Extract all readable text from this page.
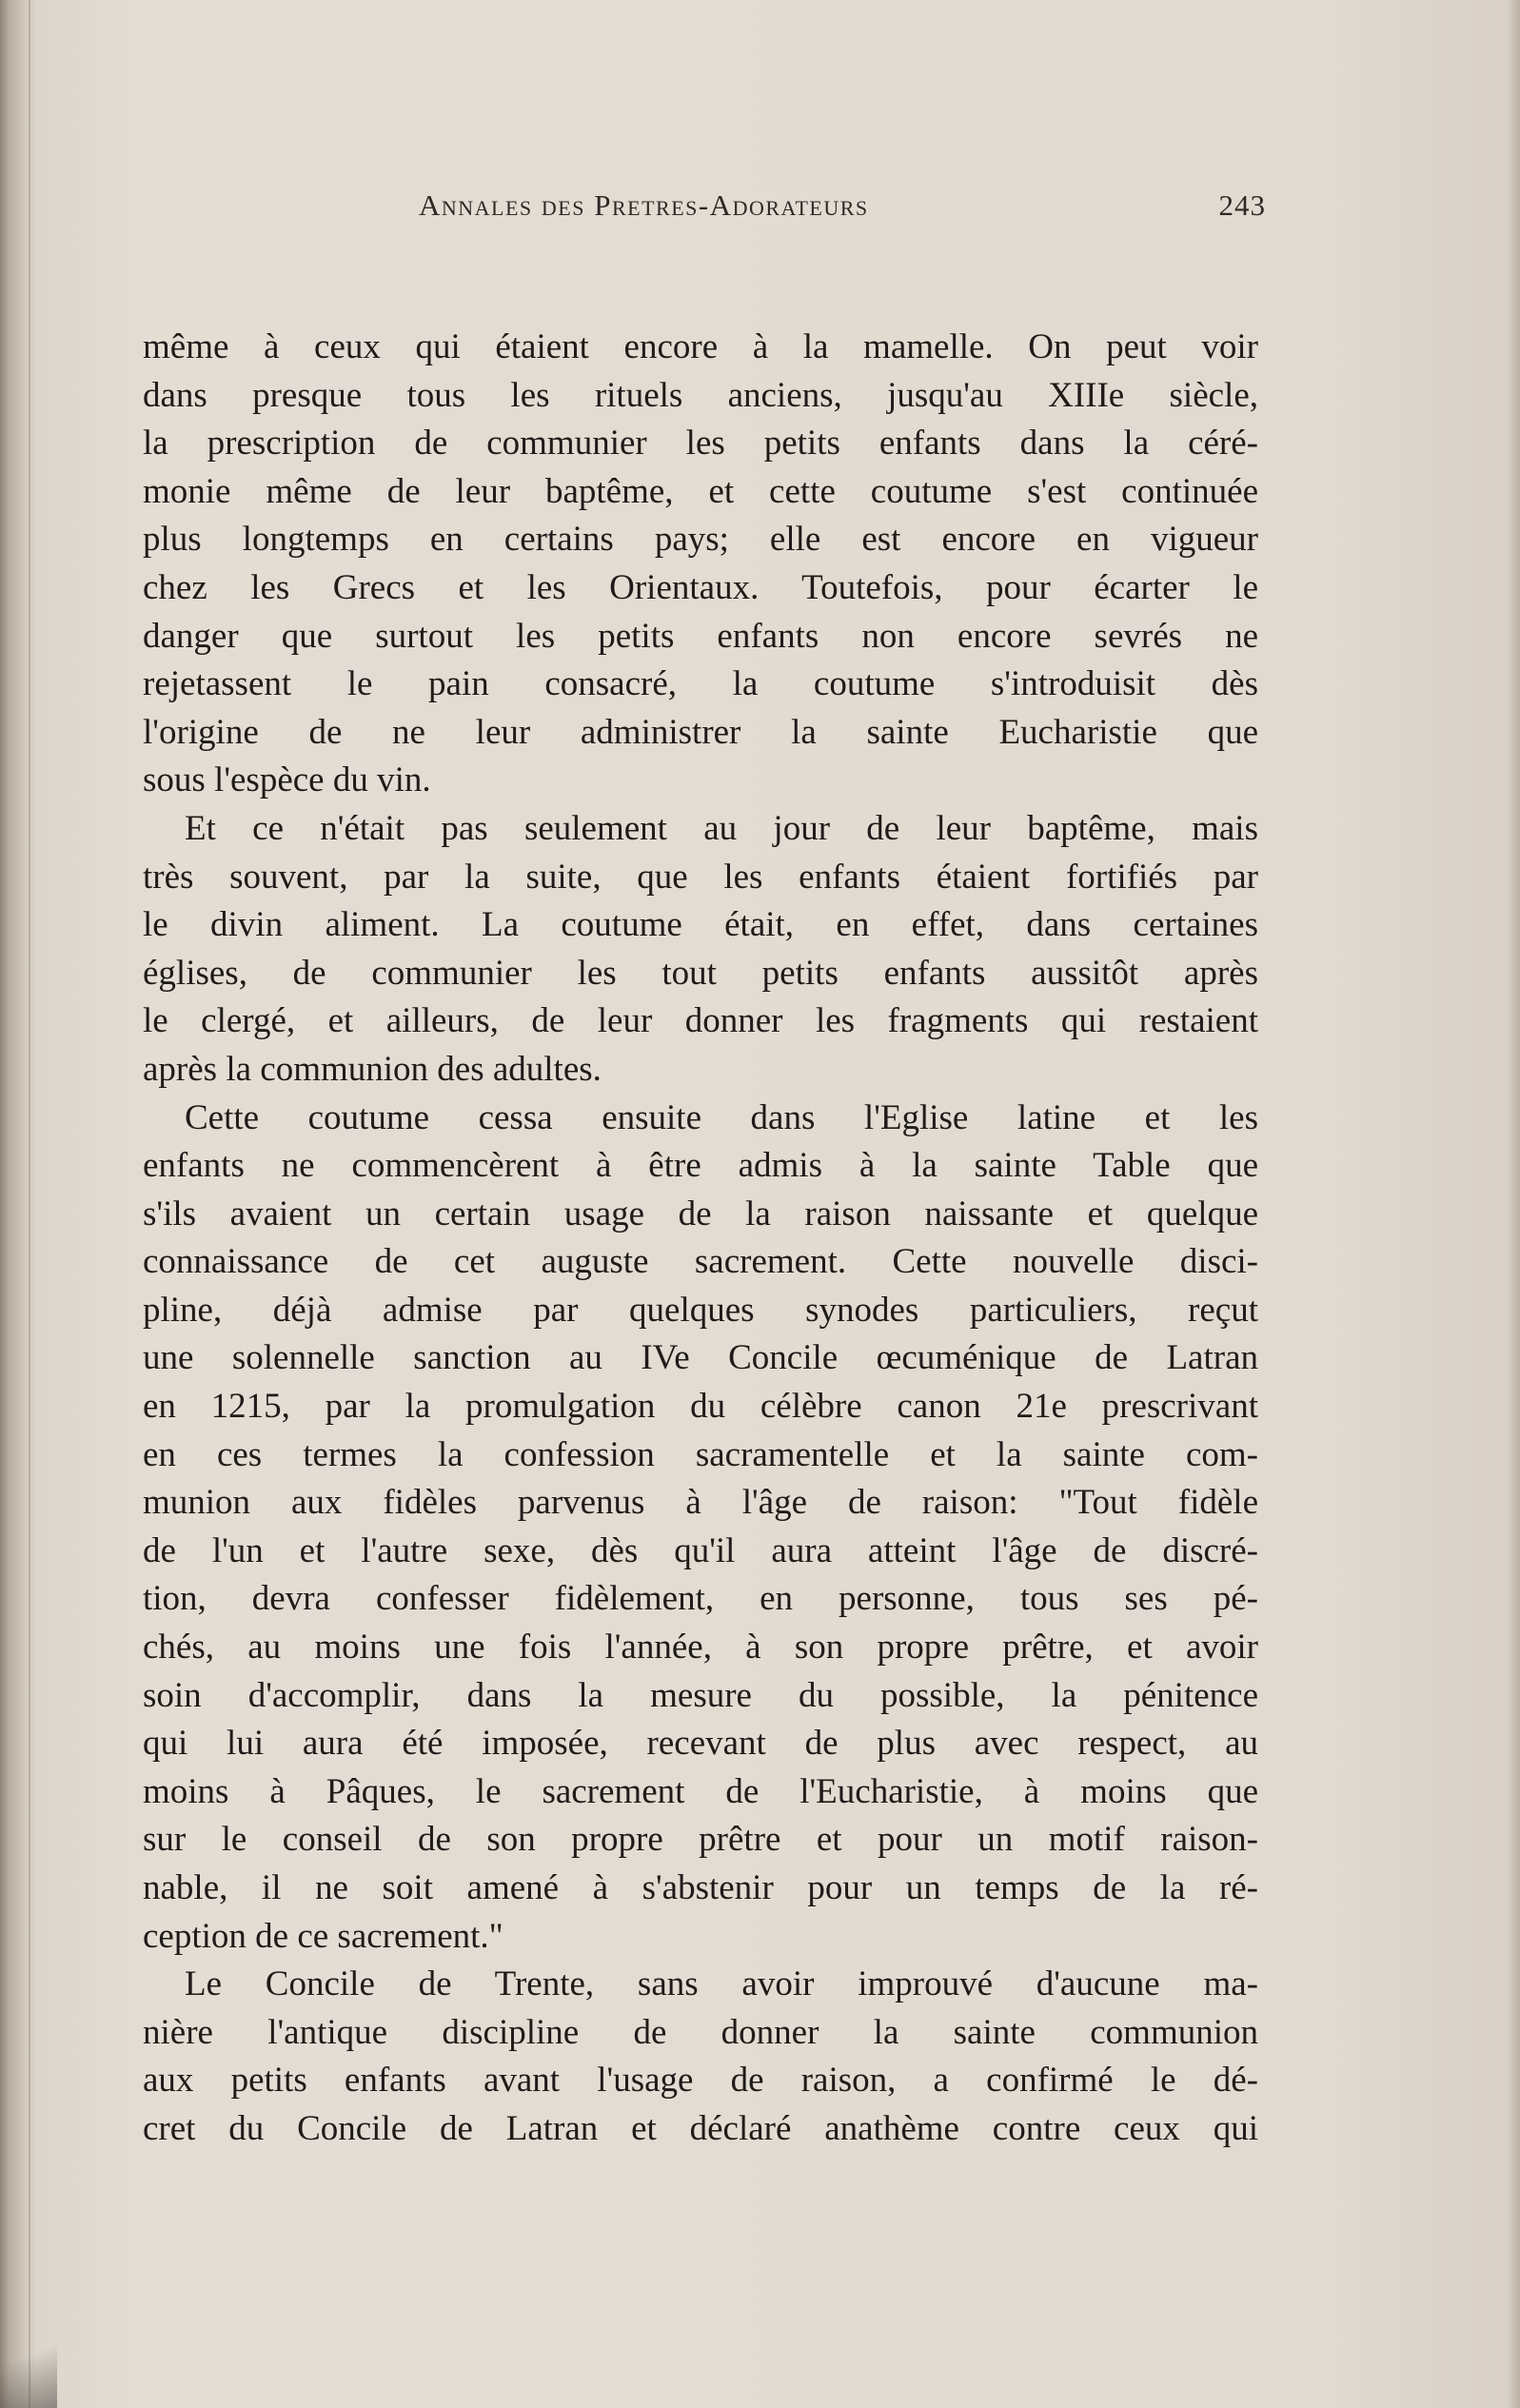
Annales des Pretres-Adorateurs	243
même à ceux qui étaient encore à la mamelle. On peut voir
dans presque tous les rituels anciens, jusqu'au XIIIe siècle,
la prescription de communier les petits enfants dans la céré-
monie même de leur baptême, et cette coutume s'est continuée
plus longtemps en certains pays; elle est encore en vigueur
chez les Grecs et les Orientaux. Toutefois, pour écarter le
danger que surtout les petits enfants non encore sevrés ne
rejetassent le pain consacré, la coutume s'introduisit dès
l'origine de ne leur administrer la sainte Eucharistie que
sous l'espèce du vin.
Et ce n'était pas seulement au jour de leur baptême, mais
très souvent, par la suite, que les enfants étaient fortifiés par
le divin aliment. La coutume était, en effet, dans certaines
églises, de communier les tout petits enfants aussitôt après
le clergé, et ailleurs, de leur donner les fragments qui restaient
après la communion des adultes.
Cette coutume cessa ensuite dans l'Eglise latine et les
enfants ne commencèrent à être admis à la sainte Table que
s'ils avaient un certain usage de la raison naissante et quelque
connaissance de cet auguste sacrement. Cette nouvelle disci-
pline, déjà admise par quelques synodes particuliers, reçut
une solennelle sanction au IVe Concile œcuménique de Latran
en 1215, par la promulgation du célèbre canon 21e prescrivant
en ces termes la confession sacramentelle et la sainte com-
munion aux fidèles parvenus à l'âge de raison: "Tout fidèle
de l'un et l'autre sexe, dès qu'il aura atteint l'âge de discré-
tion, devra confesser fidèlement, en personne, tous ses pé-
chés, au moins une fois l'année, à son propre prêtre, et avoir
soin d'accomplir, dans la mesure du possible, la pénitence
qui lui aura été imposée, recevant de plus avec respect, au
moins à Pâques, le sacrement de l'Eucharistie, à moins que
sur le conseil de son propre prêtre et pour un motif raison-
nable, il ne soit amené à s'abstenir pour un temps de la ré-
ception de ce sacrement."
Le Concile de Trente, sans avoir improuvé d'aucune ma-
nière l'antique discipline de donner la sainte communion
aux petits enfants avant l'usage de raison, a confirmé le dé-
cret du Concile de Latran et déclaré anathème contre ceux qui
